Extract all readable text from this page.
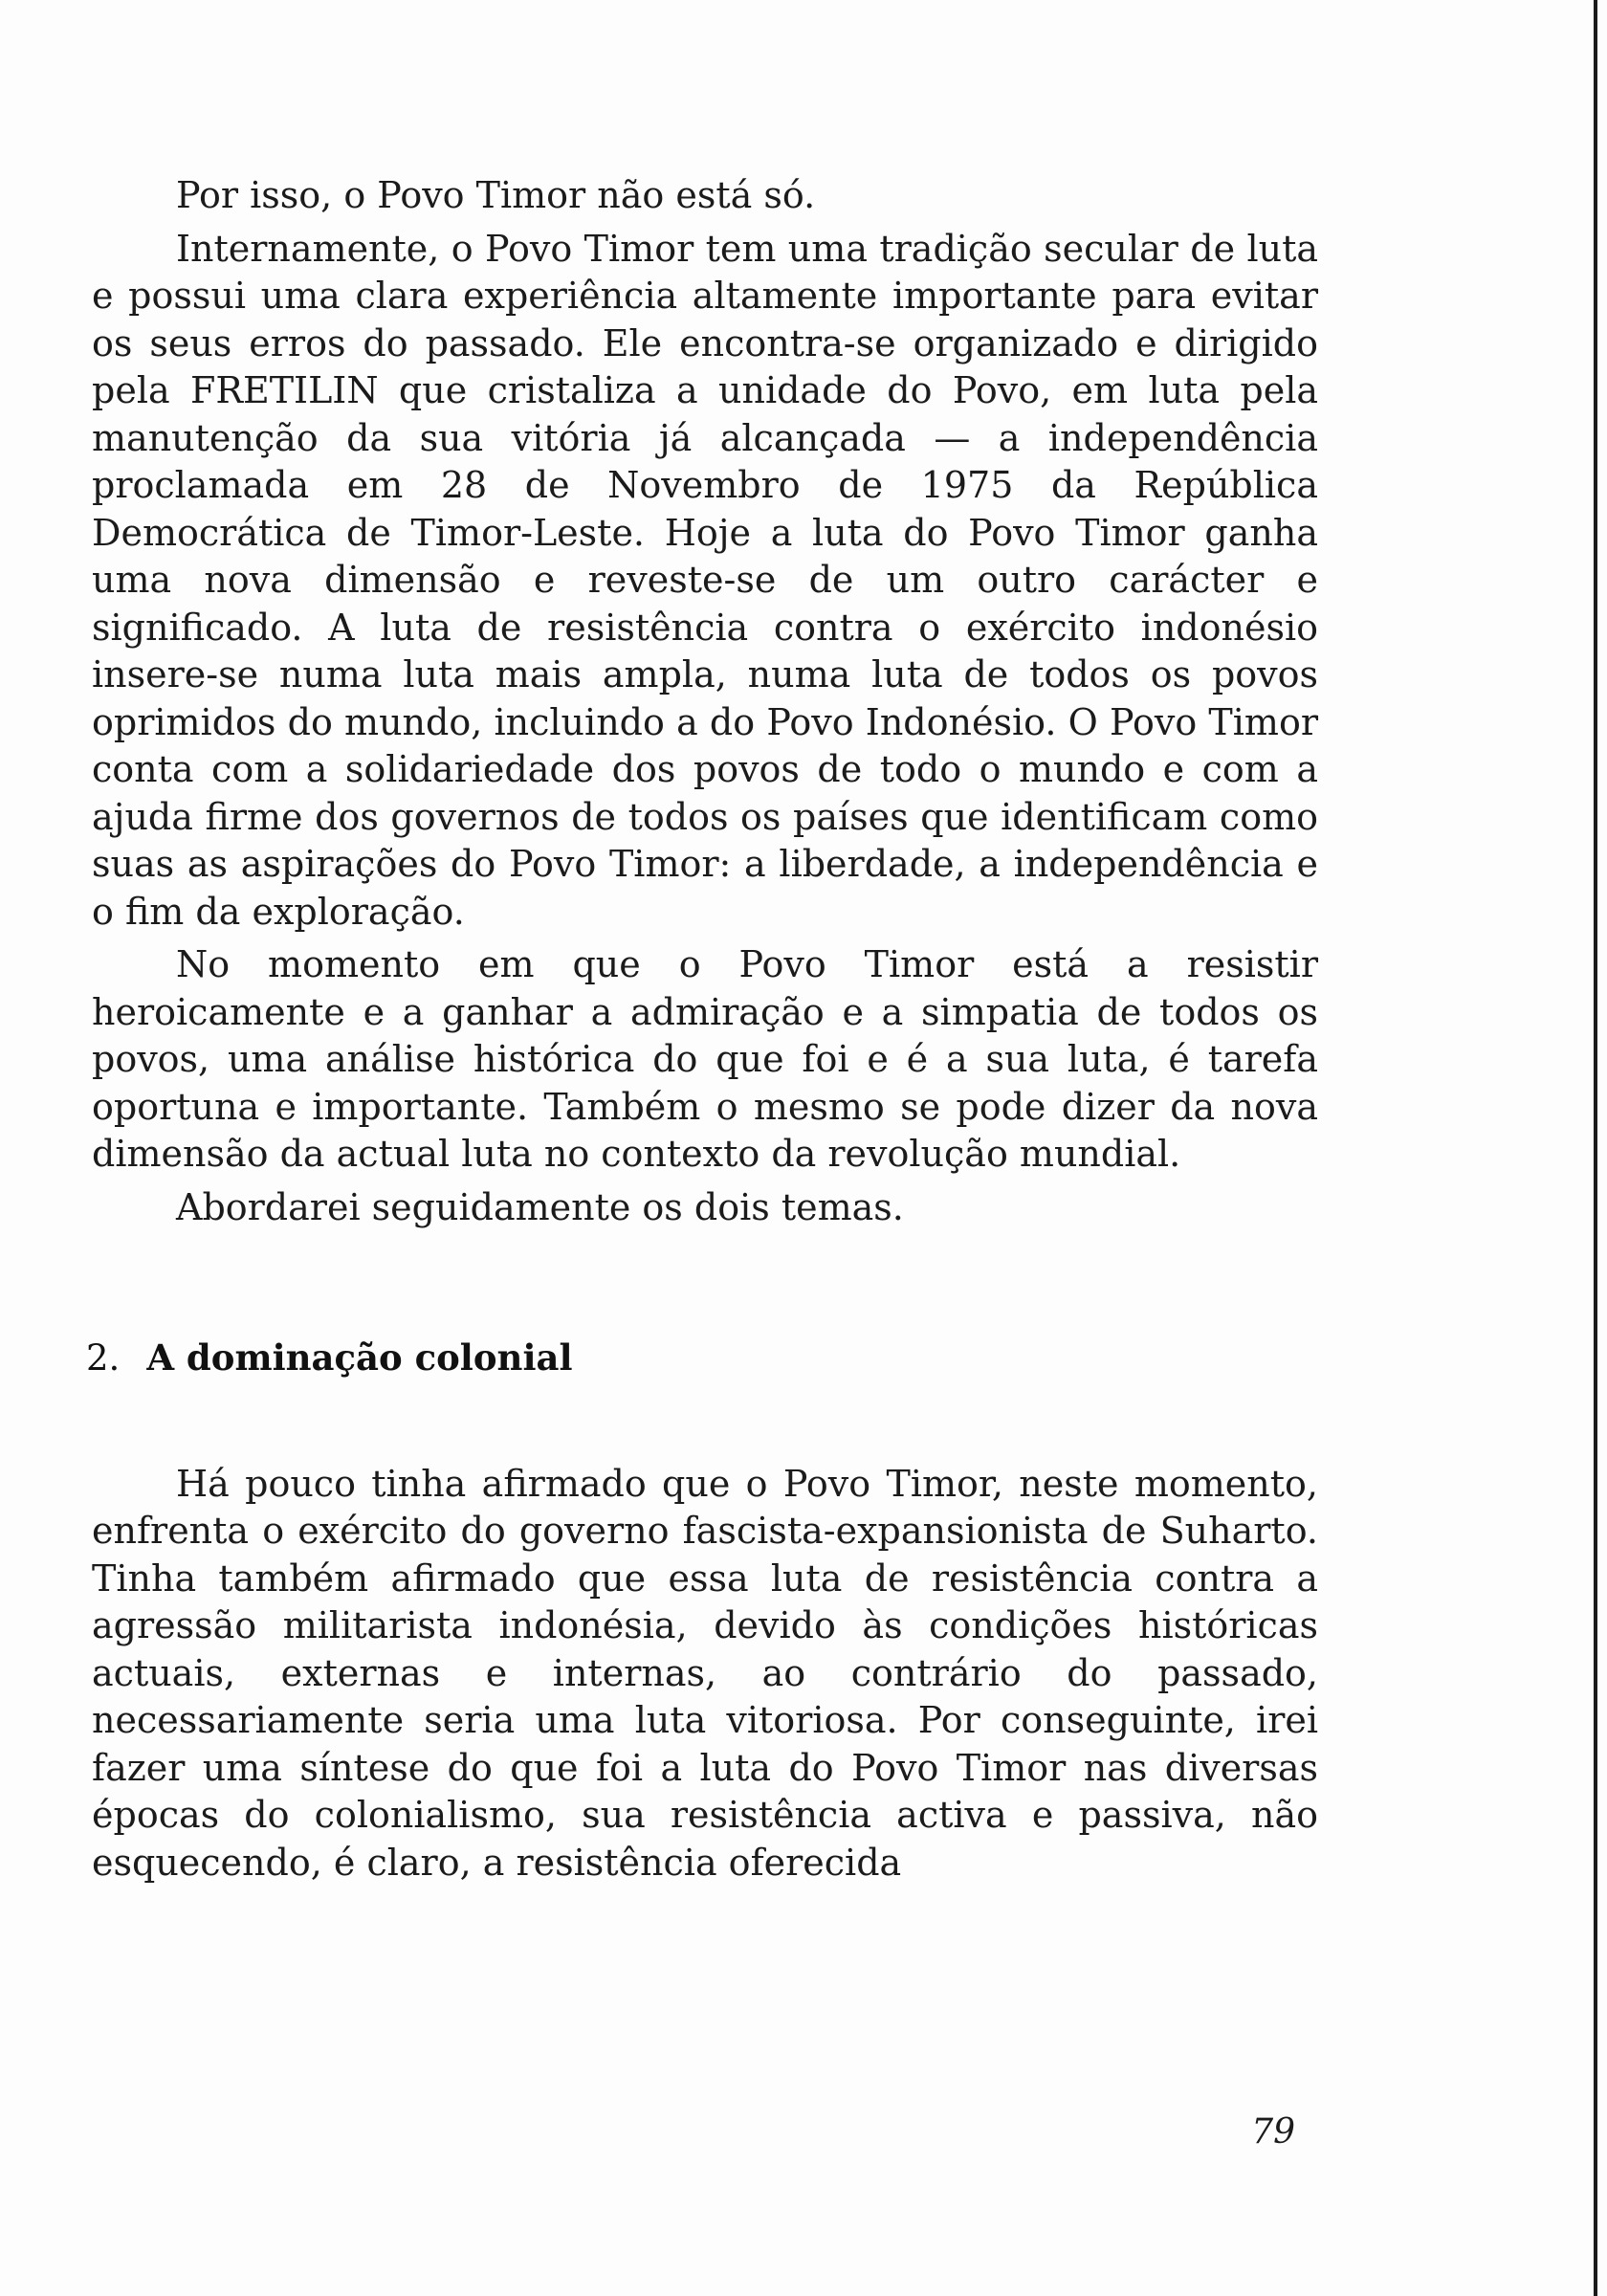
Por isso, o Povo Timor não está só.

Internamente, o Povo Timor tem uma tradição secular de luta e possui uma clara experiência altamente importante para evitar os seus erros do passado. Ele encontra-se organizado e dirigido pela FRETILIN que cristaliza a unidade do Povo, em luta pela manutenção da sua vitória já alcançada — a independência proclamada em 28 de Novembro de 1975 da República Democrática de Timor-Leste. Hoje a luta do Povo Timor ganha uma nova dimensão e reveste-se de um outro carácter e significado. A luta de resistência contra o exército indonésio insere-se numa luta mais ampla, numa luta de todos os povos oprimidos do mundo, incluindo a do Povo Indonésio. O Povo Timor conta com a solidariedade dos povos de todo o mundo e com a ajuda firme dos governos de todos os países que identificam como suas as aspirações do Povo Timor: a liberdade, a independência e o fim da exploração.

No momento em que o Povo Timor está a resistir heroicamente e a ganhar a admiração e a simpatia de todos os povos, uma análise histórica do que foi e é a sua luta, é tarefa oportuna e importante. Também o mesmo se pode dizer da nova dimensão da actual luta no contexto da revolução mundial.

Abordarei seguidamente os dois temas.

2. A dominação colonial

Há pouco tinha afirmado que o Povo Timor, neste momento, enfrenta o exército do governo fascista-expansionista de Suharto. Tinha também afirmado que essa luta de resistência contra a agressão militarista indonésia, devido às condições históricas actuais, externas e internas, ao contrário do passado, necessariamente seria uma luta vitoriosa. Por conseguinte, irei fazer uma síntese do que foi a luta do Povo Timor nas diversas épocas do colonialismo, sua resistência activa e passiva, não esquecendo, é claro, a resistência oferecida

79
